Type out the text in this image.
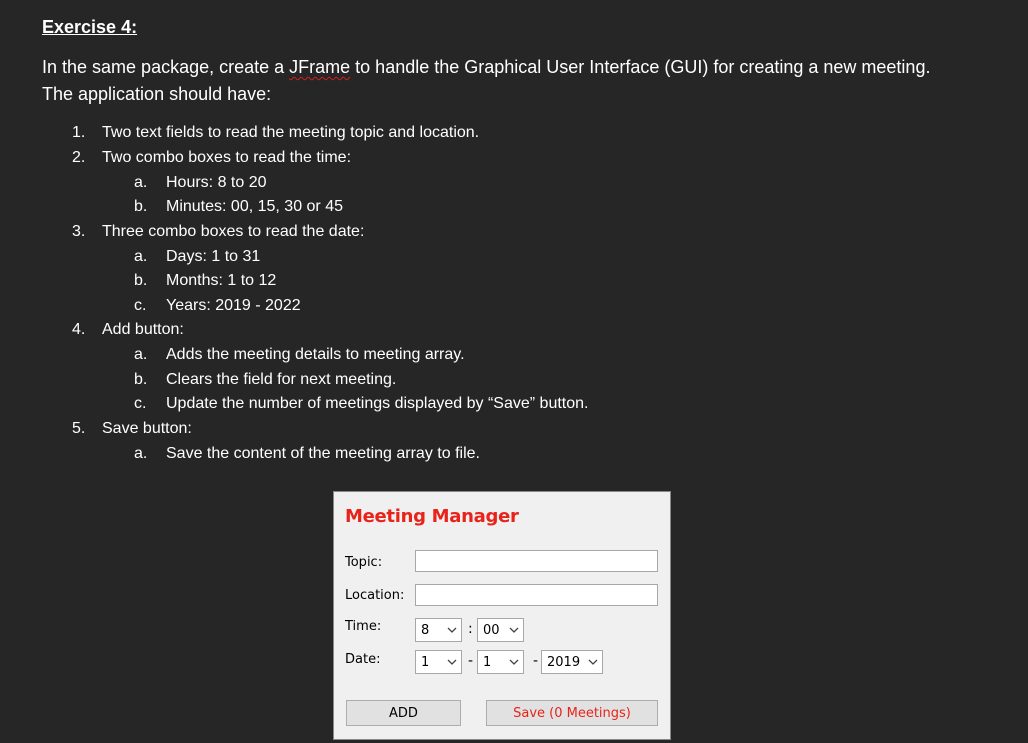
Exercise 4:
In the same package, create a JFrame to handle the Graphical User Interface (GUI) for creating a new meeting.
The application should have:
1.	Two text fields to read the meeting topic and location.
2.	Two combo boxes to read the time:
a.	Hours: 8 to 20
b.	Minutes: 00, 15, 30 or 45
3.	Three combo boxes to read the date:
a.	Days: 1 to 31
b.	Months: 1 to 12
c.	Years: 2019 - 2022
4.	Add button:
a.	Adds the meeting details to meeting array.
b.	Clears the field for next meeting.
c.	Update the number of meetings displayed by “Save” button.
5.	Save button:
a.	Save the content of the meeting array to file.
Meeting Manager
Topic:
Location:
Time:	8	: 00
Date:	1	- 1	- 2019
ADD	Save (0 Meetings)
